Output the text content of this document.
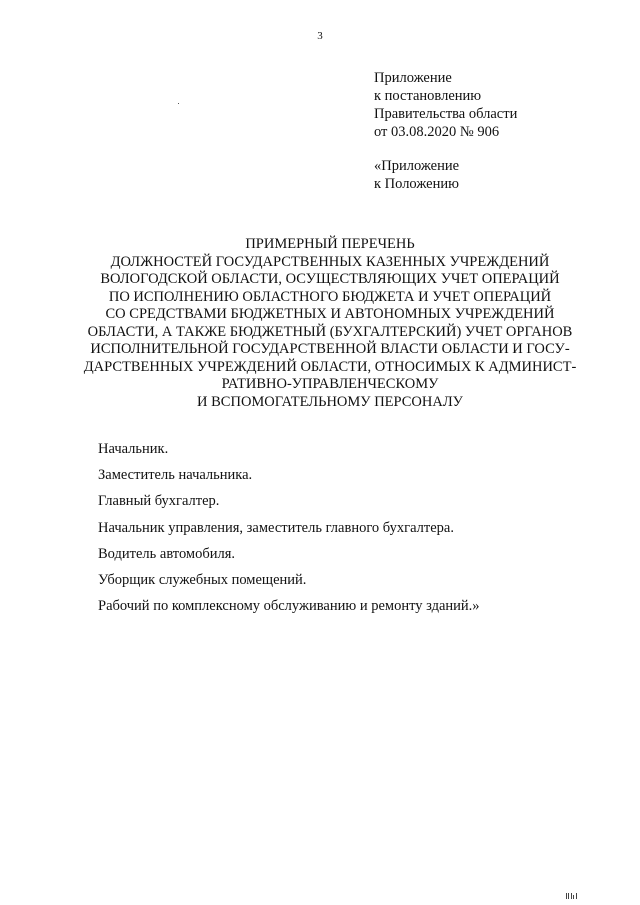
3
Приложение
к постановлению
Правительства области
от 03.08.2020 № 906
«Приложение
к Положению
ПРИМЕРНЫЙ ПЕРЕЧЕНЬ
ДОЛЖНОСТЕЙ ГОСУДАРСТВЕННЫХ КАЗЕННЫХ УЧРЕЖДЕНИЙ
ВОЛОГОДСКОЙ ОБЛАСТИ, ОСУЩЕСТВЛЯЮЩИХ УЧЕТ ОПЕРАЦИЙ
ПО ИСПОЛНЕНИЮ ОБЛАСТНОГО БЮДЖЕТА И УЧЕТ ОПЕРАЦИЙ
СО СРЕДСТВАМИ БЮДЖЕТНЫХ И АВТОНОМНЫХ УЧРЕЖДЕНИЙ
ОБЛАСТИ, А ТАКЖЕ БЮДЖЕТНЫЙ (БУХГАЛТЕРСКИЙ) УЧЕТ ОРГАНОВ
ИСПОЛНИТЕЛЬНОЙ ГОСУДАРСТВЕННОЙ ВЛАСТИ ОБЛАСТИ И ГОСУ-
ДАРСТВЕННЫХ УЧРЕЖДЕНИЙ ОБЛАСТИ, ОТНОСИМЫХ К АДМИНИСТ-
РАТИВНО-УПРАВЛЕНЧЕСКОМУ
И ВСПОМОГАТЕЛЬНОМУ ПЕРСОНАЛУ
Начальник.
Заместитель начальника.
Главный бухгалтер.
Начальник управления, заместитель главного бухгалтера.
Водитель автомобиля.
Уборщик служебных помещений.
Рабочий по комплексному обслуживанию и ремонту зданий.»
